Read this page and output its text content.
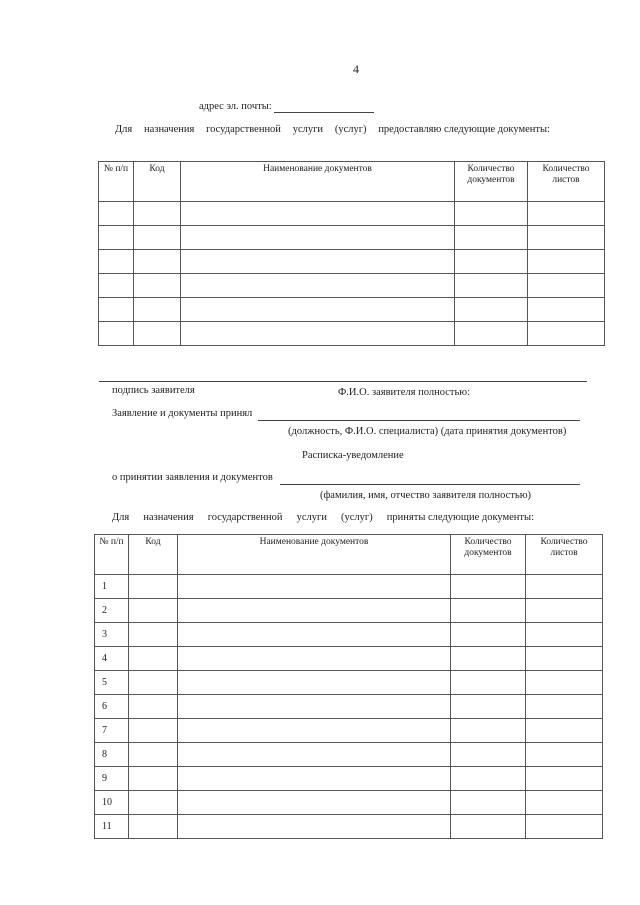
4
адрес эл. почты:
Для назначения государственной услуги (услуг) предоставляю следующие документы:
№ п/п	Код	Наименование документов	Количество документов	Количество листов

подпись заявителя	Ф.И.О. заявителя полностью:
Заявление и документы принял
(должность, Ф.И.О. специалиста) (дата принятия документов)
Расписка-уведомление
о принятии заявления и документов
(фамилия, имя, отчество заявителя полностью)
Для назначения государственной услуги (услуг) приняты следующие документы:
№ п/п	Код	Наименование документов	Количество документов	Количество листов
1				
2				
3				
4				
5				
6				
7				
8				
9				
10				
11				
